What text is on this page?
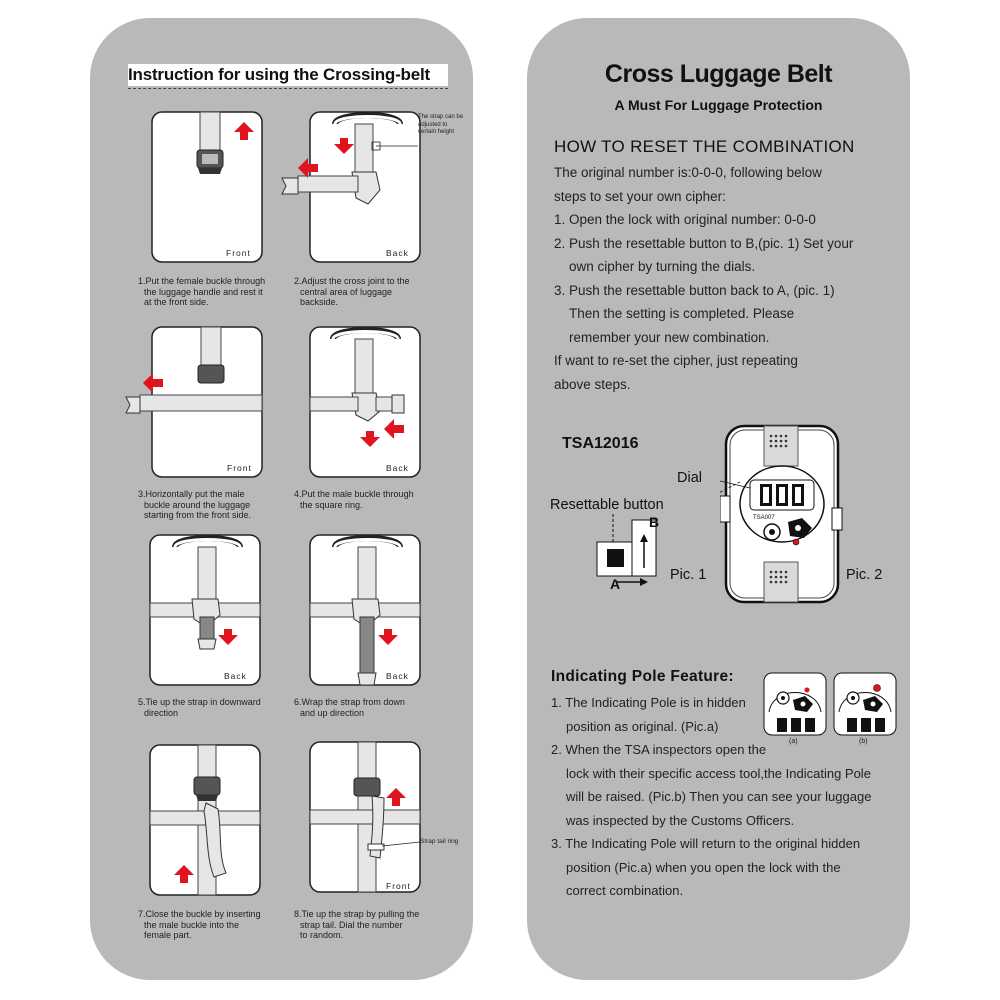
Instruction for using the Crossing-belt
Front
1.Put the female buckle through
the luggage handle and rest it
at the front side.
Back
The strap can be
adjusted to
certain height
2.Adjust the cross joint to the
central area of luggage
backside.
Front
3.Horizontally put the male
buckle around the luggage
starting from the front side.
Back
4.Put the male buckle through
the square ring.
Back
5.Tie up the strap in downward
direction
Back
6.Wrap the strap from down
and up direction
7.Close the buckle by inserting
the male buckle into the
female part.
Front
Strap tail ring
8.Tie up the strap by pulling the
strap tail. Dial the number
to random.
Cross Luggage Belt
A Must For Luggage Protection
HOW TO RESET THE COMBINATION
The original number is:0-0-0, following below
steps to set your own cipher:
1. Open the lock with original number: 0-0-0
2. Push the resettable button to B,(pic. 1) Set your
own cipher by turning the dials.
3. Push the resettable button back to A, (pic. 1)
Then the setting is completed. Please
remember your new combination.
If want to re-set the cipher, just repeating
above steps.
TSA12016
Dial
Resettable button
B
A
Pic. 1
TSA007
Pic. 2
Indicating Pole Feature:
(a)	(b)
1. The Indicating Pole is in hidden
position as original. (Pic.a)
2. When the TSA inspectors open the
lock with their specific access tool,the Indicating Pole
will be raised. (Pic.b) Then you can see your luggage
was inspected by the Customs Officers.
3. The Indicating Pole will return to the original hidden
position (Pic.a) when you open the lock with the
correct combination.
